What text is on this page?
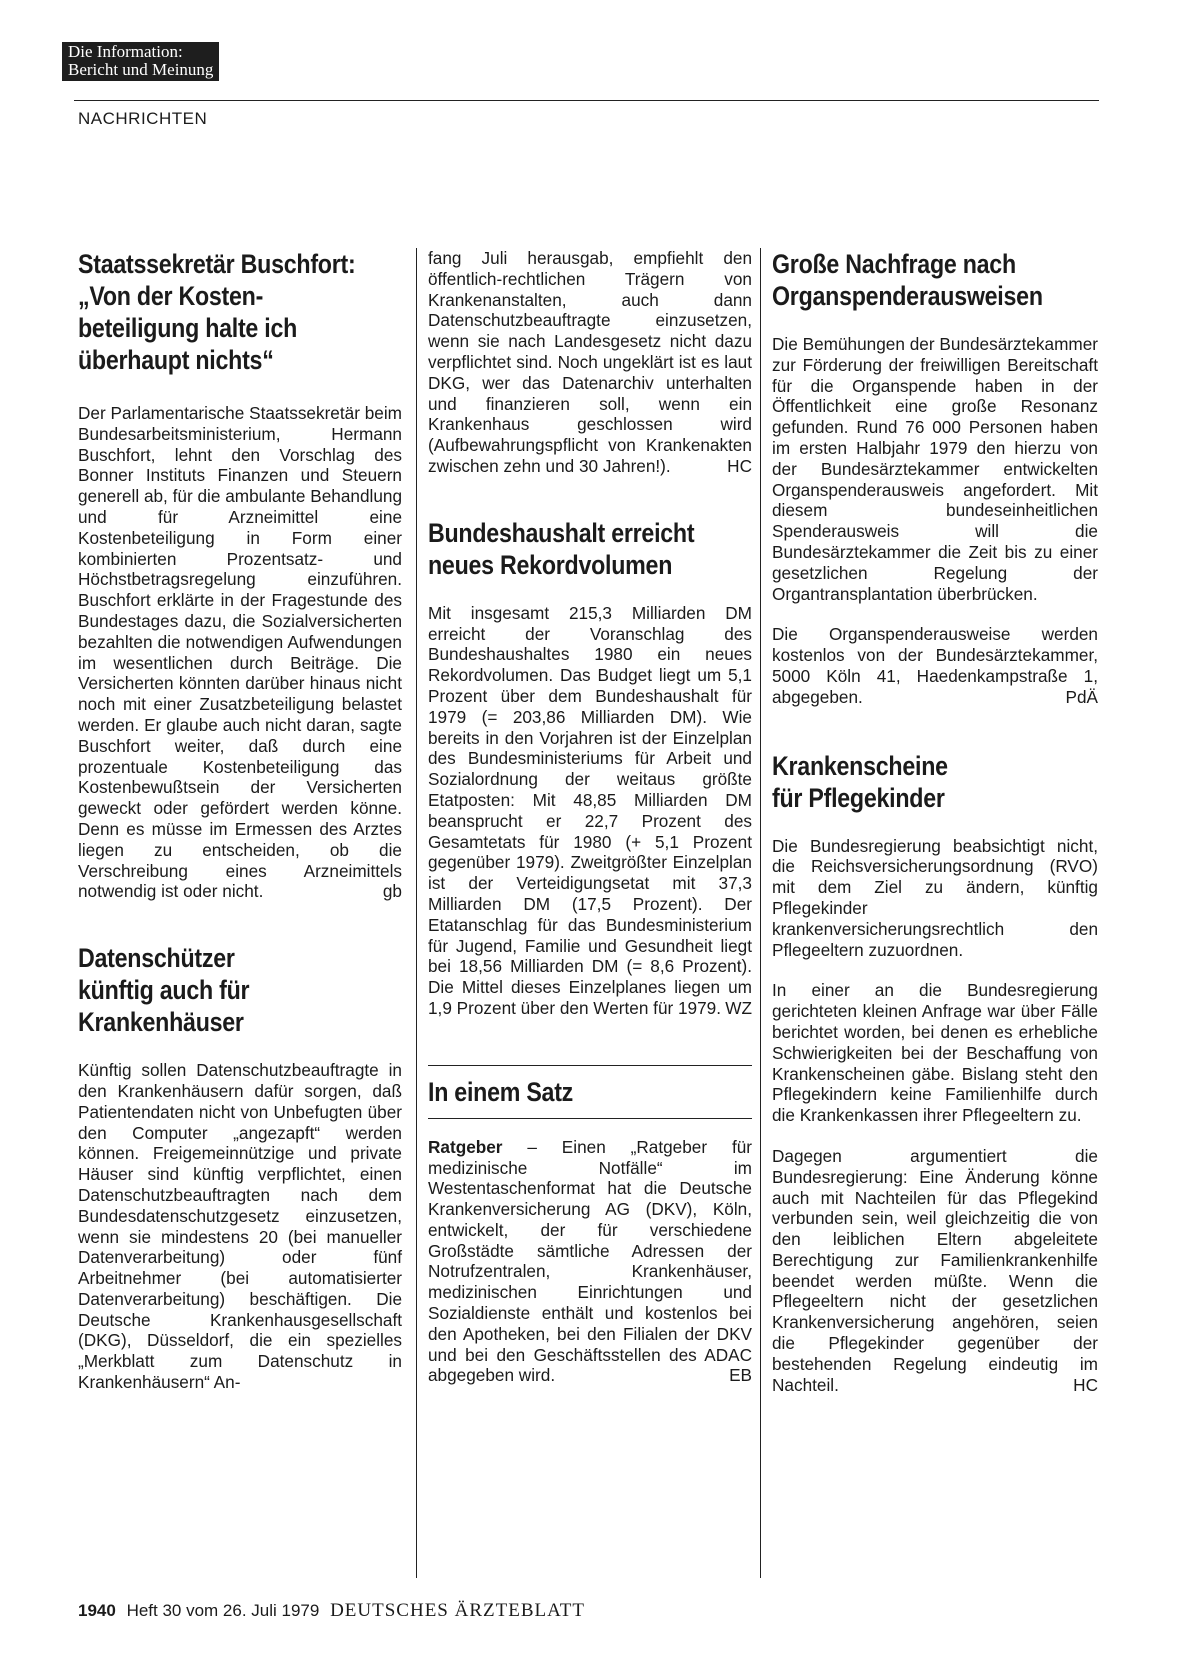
Die Information:
Bericht und Meinung
NACHRICHTEN
Staatssekretär Buschfort:
„Von der Kosten-
beteiligung halte ich
überhaupt nichts“

Der Parlamentarische Staatssekretär beim Bundesarbeitsministerium, Hermann Buschfort, lehnt den Vorschlag des Bonner Instituts Finanzen und Steuern generell ab, für die ambulante Behandlung und für Arzneimittel eine Kostenbeteiligung in Form einer kombinierten Prozentsatz- und Höchstbetragsregelung einzuführen. Buschfort erklärte in der Fragestunde des Bundestages dazu, die Sozialversicherten bezahlten die notwendigen Aufwendungen im wesentlichen durch Beiträge. Die Versicherten könnten darüber hinaus nicht noch mit einer Zusatzbeteiligung belastet werden. Er glaube auch nicht daran, sagte Buschfort weiter, daß durch eine prozentuale Kostenbeteiligung das Kostenbewußtsein der Versicherten geweckt oder gefördert werden könne. Denn es müsse im Ermessen des Arztes liegen zu entscheiden, ob die Verschreibung eines Arzneimittels notwendig ist oder nicht.	gb

Datenschützer
künftig auch für
Krankenhäuser

Künftig sollen Datenschutzbeauftragte in den Krankenhäusern dafür sorgen, daß Patientendaten nicht von Unbefugten über den Computer „angezapft“ werden können. Freigemeinnützige und private Häuser sind künftig verpflichtet, einen Datenschutzbeauftragten nach dem Bundesdatenschutzgesetz einzusetzen, wenn sie mindestens 20 (bei manueller Datenverarbeitung) oder fünf Arbeitnehmer (bei automatisierter Datenverarbeitung) beschäftigen. Die Deutsche Krankenhausgesellschaft (DKG), Düsseldorf, die ein spezielles „Merkblatt zum Datenschutz in Krankenhäusern“ An-

fang Juli herausgab, empfiehlt den öffentlich-rechtlichen Trägern von Krankenanstalten, auch dann Datenschutzbeauftragte einzusetzen, wenn sie nach Landesgesetz nicht dazu verpflichtet sind. Noch ungeklärt ist es laut DKG, wer das Datenarchiv unterhalten und finanzieren soll, wenn ein Krankenhaus geschlossen wird (Aufbewahrungspflicht von Krankenakten zwischen zehn und 30 Jahren!).	HC

Bundeshaushalt erreicht
neues Rekordvolumen

Mit insgesamt 215,3 Milliarden DM erreicht der Voranschlag des Bundeshaushaltes 1980 ein neues Rekordvolumen. Das Budget liegt um 5,1 Prozent über dem Bundeshaushalt für 1979 (= 203,86 Milliarden DM). Wie bereits in den Vorjahren ist der Einzelplan des Bundesministeriums für Arbeit und Sozialordnung der weitaus größte Etatposten: Mit 48,85 Milliarden DM beansprucht er 22,7 Prozent des Gesamtetats für 1980 (+ 5,1 Prozent gegenüber 1979). Zweitgrößter Einzelplan ist der Verteidigungsetat mit 37,3 Milliarden DM (17,5 Prozent). Der Etatanschlag für das Bundesministerium für Jugend, Familie und Gesundheit liegt bei 18,56 Milliarden DM (= 8,6 Prozent). Die Mittel dieses Einzelplanes liegen um 1,9 Prozent über den Werten für 1979. WZ

In einem Satz

Ratgeber – Einen „Ratgeber für medizinische Notfälle“ im Westentaschenformat hat die Deutsche Krankenversicherung AG (DKV), Köln, entwickelt, der für verschiedene Großstädte sämtliche Adressen der Notrufzentralen, Krankenhäuser, medizinischen Einrichtungen und Sozialdienste enthält und kostenlos bei den Apotheken, bei den Filialen der DKV und bei den Geschäftsstellen des ADAC abgegeben wird.	EB

Große Nachfrage nach
Organspenderausweisen

Die Bemühungen der Bundesärztekammer zur Förderung der freiwilligen Bereitschaft für die Organspende haben in der Öffentlichkeit eine große Resonanz gefunden. Rund 76 000 Personen haben im ersten Halbjahr 1979 den hierzu von der Bundesärztekammer entwickelten Organspenderausweis angefordert. Mit diesem bundeseinheitlichen Spenderausweis will die Bundesärztekammer die Zeit bis zu einer gesetzlichen Regelung der Organtransplantation überbrücken.

Die Organspenderausweise werden kostenlos von der Bundesärztekammer, 5000 Köln 41, Haedenkampstraße 1, abgegeben.	PdÄ

Krankenscheine
für Pflegekinder

Die Bundesregierung beabsichtigt nicht, die Reichsversicherungsordnung (RVO) mit dem Ziel zu ändern, künftig Pflegekinder krankenversicherungsrechtlich den Pflegeeltern zuzuordnen.

In einer an die Bundesregierung gerichteten kleinen Anfrage war über Fälle berichtet worden, bei denen es erhebliche Schwierigkeiten bei der Beschaffung von Krankenscheinen gäbe. Bislang steht den Pflegekindern keine Familienhilfe durch die Krankenkassen ihrer Pflegeeltern zu.

Dagegen argumentiert die Bundesregierung: Eine Änderung könne auch mit Nachteilen für das Pflegekind verbunden sein, weil gleichzeitig die von den leiblichen Eltern abgeleitete Berechtigung zur Familienkrankenhilfe beendet werden müßte. Wenn die Pflegeeltern nicht der gesetzlichen Krankenversicherung angehören, seien die Pflegekinder gegenüber der bestehenden Regelung eindeutig im Nachteil.	HC

1940 Heft 30 vom 26. Juli 1979 DEUTSCHES ÄRZTEBLATT
